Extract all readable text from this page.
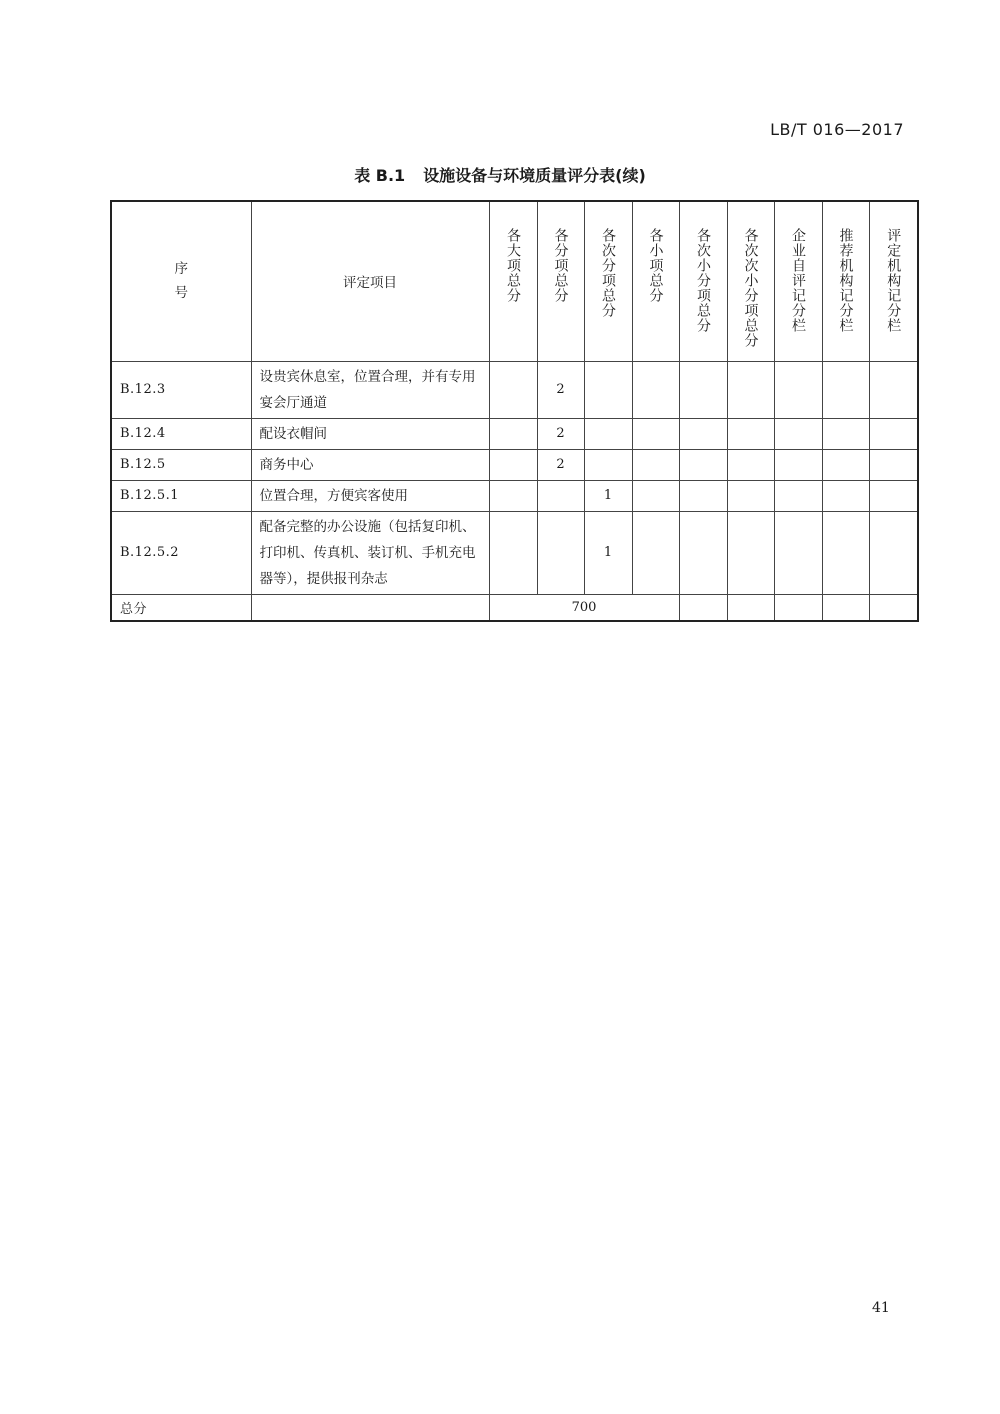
LB/T 016—2017
表 B.1 设施设备与环境质量评分表(续)
序
号	评定项目	各大项总分	各分项总分	各次分项总分	各小项总分	各次小分项总分	各次次小分项总分	企业自评记分栏	推荐机构记分栏	评定机构记分栏
B.12.3	设贵宾休息室，位置合理，并有专用宴会厅通道		2							
B.12.4	配设衣帽间		2							
B.12.5	商务中心		2							
B.12.5.1	位置合理，方便宾客使用			1						
B.12.5.2	配备完整的办公设施（包括复印机、打印机、传真机、装订机、手机充电器等），提供报刊杂志			1						
总分		700								
41
